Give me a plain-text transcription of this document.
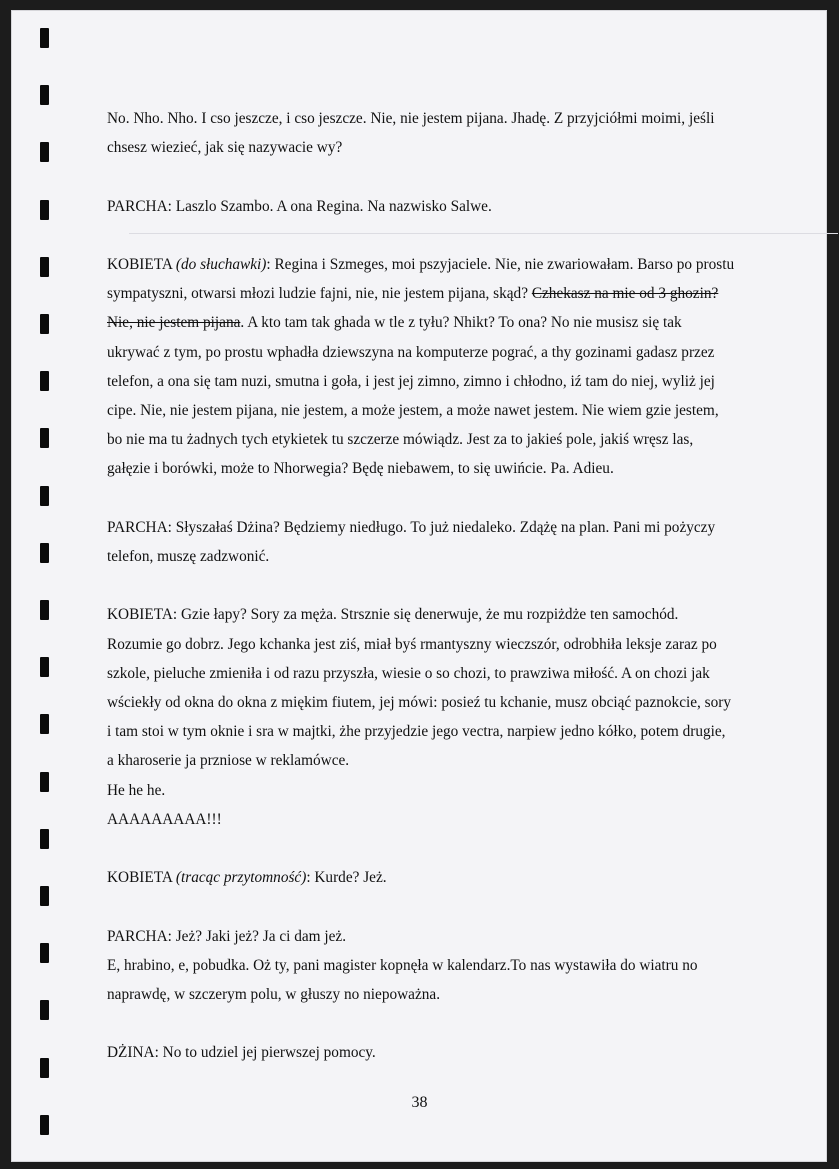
No. Nho. Nho. I cso jeszcze, i cso jeszcze. Nie, nie jestem pijana. Jhadę. Z przyjciółmi moimi, jeśli chsesz wiezieć, jak się nazywacie wy?

PARCHA: Laszlo Szambo. A ona Regina. Na nazwisko Salwe.

KOBIETA (do słuchawki): Regina i Szmeges, moi pszyjaciele. Nie, nie zwariowałam. Barso po prostu sympatyszni, otwarsi młozi ludzie fajni, nie, nie jestem pijana, skąd? Czhekasz na mie od 3 ghozin? Nie, nie jestem pijana. A kto tam tak ghada w tle z tyłu? Nhikt? To ona? No nie musisz się tak ukrywać z tym, po prostu wphadła dziewszyna na komputerze pograć, a thy gozinami gadasz przez telefon, a ona się tam nuzi, smutna i goła, i jest jej zimno, zimno i chłodno, iź tam do niej, wyliż jej cipe. Nie, nie jestem pijana, nie jestem, a może jestem, a może nawet jestem. Nie wiem gzie jestem, bo nie ma tu żadnych tych etykietek tu szczerze mówiądz. Jest za to jakieś pole, jakiś wręsz las, gałęzie i borówki, może to Nhorwegia? Będę niebawem, to się uwińcie. Pa. Adieu.

PARCHA: Słyszałaś Dżina? Będziemy niedługo. To już niedaleko. Zdążę na plan. Pani mi pożyczy telefon, muszę zadzwonić.

KOBIETA: Gzie łapy? Sory za męża. Strsznie się denerwuje, że mu rozpiżdże ten samochód. Rozumie go dobrz. Jego kchanka jest ziś, miał byś rmantyszny wieczszór, odrobhiła leksje zaraz po szkole, pieluche zmieniła i od razu przyszła, wiesie o so chozi, to prawziwa miłość. A on chozi jak wściekły od okna do okna z miękim fiutem, jej mówi: posieź tu kchanie, musz obciąć paznokcie, sory i tam stoi w tym oknie i sra w majtki, żhe przyjedzie jego vectra, narpiew jedno kółko, potem drugie, a kharoserie ja przniose w reklamówce.

He he he.

AAAAAAAAA!!!

KOBIETA (tracąc przytomność): Kurde? Jeż.

PARCHA: Jeż? Jaki jeż? Ja ci dam jeż.

E, hrabino, e, pobudka. Oż ty, pani magister kopnęła w kalendarz.To nas wystawiła do wiatru no naprawdę, w szczerym polu, w głuszy no niepoważna.

DŻINA: No to udziel jej pierwszej pomocy.

38
